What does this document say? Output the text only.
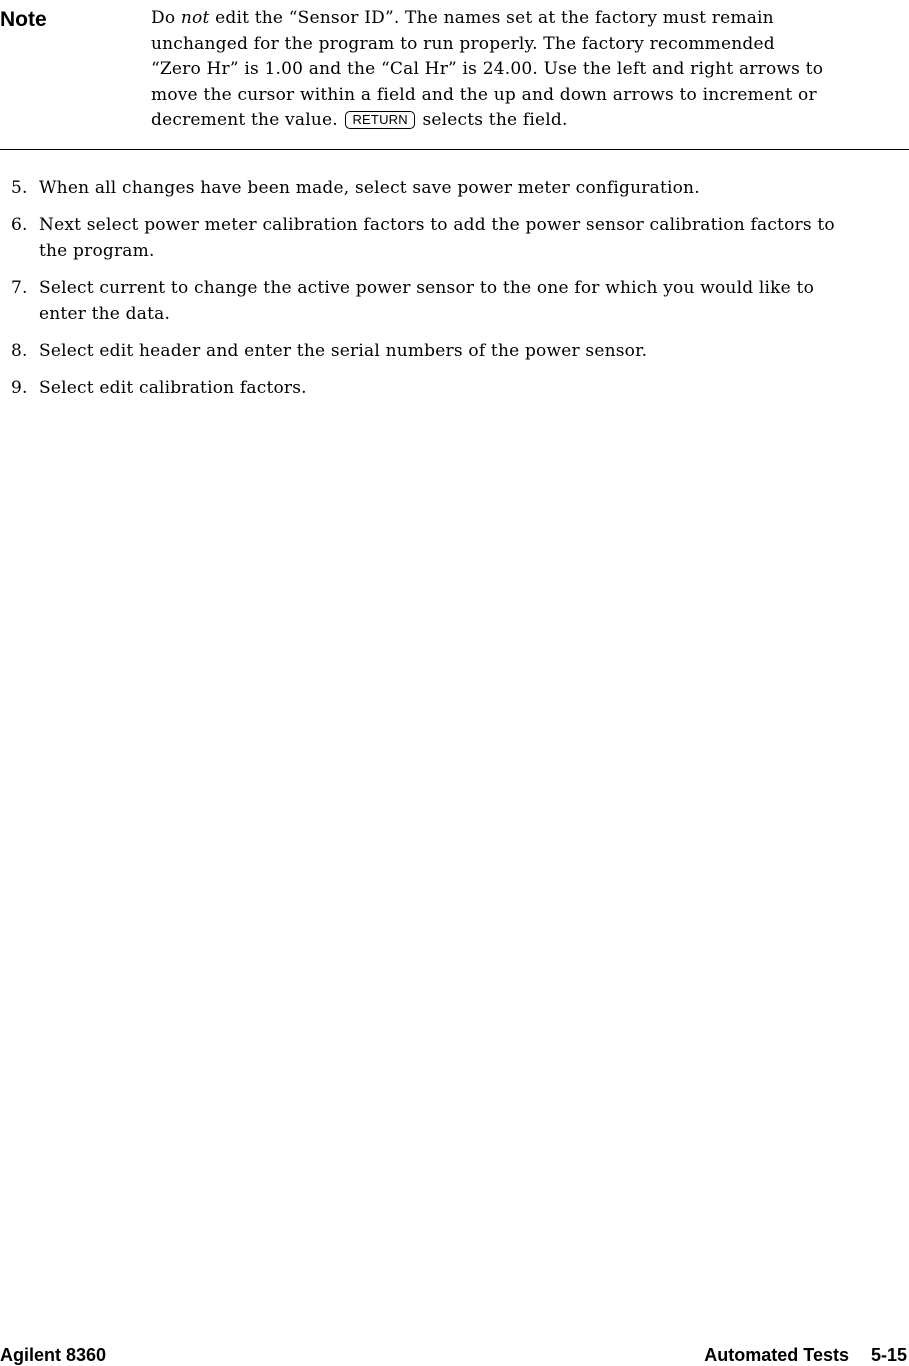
Note	Do not edit the “Sensor ID”. The names set at the factory must remain
unchanged for the program to run properly. The factory recommended
“Zero Hr” is 1.00 and the “Cal Hr” is 24.00. Use the left and right arrows to
move the cursor within a field and the up and down arrows to increment or
decrement the value. RETURN selects the field.
5. When all changes have been made, select save power meter configuration.
6. Next select power meter calibration factors to add the power sensor calibration factors to
the program.
7. Select current to change the active power sensor to the one for which you would like to
enter the data.
8. Select edit header and enter the serial numbers of the power sensor.
9. Select edit calibration factors.
Agilent 8360	Automated Tests 5-15
